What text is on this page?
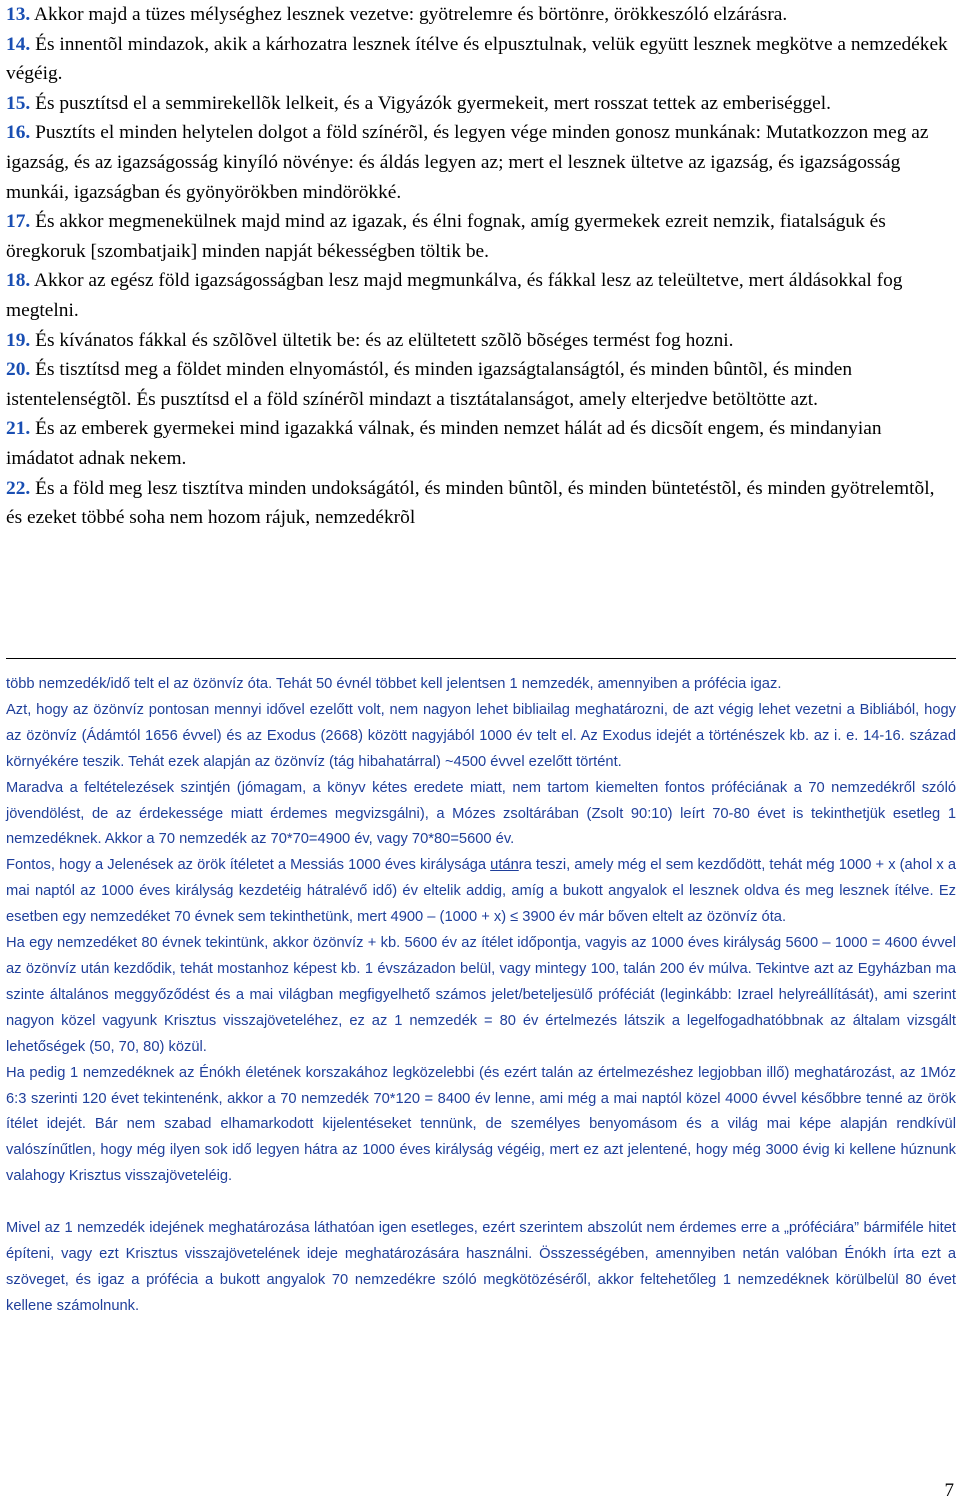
13. Akkor majd a tüzes mélységhez lesznek vezetve: gyötrelemre és börtönre, örökkeszóló elzárásra.

14. És innentõl mindazok, akik a kárhozatra lesznek ítélve és elpusztulnak, velük együtt lesznek megkötve a nemzedékek végéig.

15. És pusztítsd el a semmirekellõk lelkeit, és a Vigyázók gyermekeit, mert rosszat tettek az emberiséggel.

16. Pusztíts el minden helytelen dolgot a föld színérõl, és legyen vége minden gonosz munkának: Mutatkozzon meg az igazság, és az igazságosság kinyíló növénye: és áldás legyen az; mert el lesznek ültetve az igazság, és igazságosság munkái, igazságban és gyönyörökben mindörökké.

17. És akkor megmenekülnek majd mind az igazak, és élni fognak, amíg gyermekek ezreit nemzik, fiatalságuk és öregkoruk [szombatjaik] minden napját békességben töltik be.

18. Akkor az egész föld igazságosságban lesz majd megmunkálva, és fákkal lesz az teleültetve, mert áldásokkal fog megtelni.

19. És kívánatos fákkal és szõlõvel ültetik be: és az elültetett szõlõ bõséges termést fog hozni.

20. És tisztítsd meg a földet minden elnyomástól, és minden igazságtalanságtól, és minden bûntõl, és minden istentelenségtõl. És pusztítsd el a föld színérõl mindazt a tisztátalanságot, amely elterjedve betöltötte azt.

21. És az emberek gyermekei mind igazakká válnak, és minden nemzet hálát ad és dicsõít engem, és mindanyian imádatot adnak nekem.

22. És a föld meg lesz tisztítva minden undokságától, és minden bûntõl, és minden büntetéstõl, és minden gyötrelemtõl, és ezeket többé soha nem hozom rájuk, nemzedékrõl

több nemzedék/idő telt el az özönvíz óta. Tehát 50 évnél többet kell jelentsen 1 nemzedék, amennyiben a prófécia igaz.

Azt, hogy az özönvíz pontosan mennyi idővel ezelőtt volt, nem nagyon lehet bibliailag meghatározni, de azt végig lehet vezetni a Bibliából, hogy az özönvíz (Ádámtól 1656 évvel) és az Exodus (2668) között nagyjából 1000 év telt el. Az Exodus idejét a történészek kb. az i. e. 14-16. század környékére teszik. Tehát ezek alapján az özönvíz (tág hibahatárral) ~4500 évvel ezelőtt történt.

Maradva a feltételezések szintjén (jómagam, a könyv kétes eredete miatt, nem tartom kiemelten fontos próféciának a 70 nemzedékről szóló jövendölést, de az érdekessége miatt érdemes megvizsgálni), a Mózes zsoltárában (Zsolt 90:10) leírt 70-80 évet is tekinthetjük esetleg 1 nemzedéknek. Akkor a 70 nemzedék az 70*70=4900 év, vagy 70*80=5600 év.

Fontos, hogy a Jelenések az örök ítéletet a Messiás 1000 éves királysága utánra teszi, amely még el sem kezdődött, tehát még 1000 + x (ahol x a mai naptól az 1000 éves királyság kezdetéig hátralévő idő) év eltelik addig, amíg a bukott angyalok el lesznek oldva és meg lesznek ítélve. Ez esetben egy nemzedéket 70 évnek sem tekinthetünk, mert 4900 – (1000 + x) ≤ 3900 év már bőven eltelt az özönvíz óta.

Ha egy nemzedéket 80 évnek tekintünk, akkor özönvíz + kb. 5600 év az ítélet időpontja, vagyis az 1000 éves királyság 5600 – 1000 = 4600 évvel az özönvíz után kezdődik, tehát mostanhoz képest kb. 1 évszázadon belül, vagy mintegy 100, talán 200 év múlva. Tekintve azt az Egyházban ma szinte általános meggyőződést és a mai világban megfigyelhető számos jelet/beteljesülő próféciát (leginkább: Izrael helyreállítását), ami szerint nagyon közel vagyunk Krisztus visszajöveteléhez, ez az 1 nemzedék = 80 év értelmezés látszik a legelfogadhatóbbnak az általam vizsgált lehetőségek (50, 70, 80) közül.

Ha pedig 1 nemzedéknek az Énókh életének korszakához legközelebbi (és ezért talán az értelmezéshez legjobban illő) meghatározást, az 1Móz 6:3 szerinti 120 évet tekintenénk, akkor a 70 nemzedék 70*120 = 8400 év lenne, ami még a mai naptól közel 4000 évvel későbbre tenné az örök ítélet idejét. Bár nem szabad elhamarkodott kijelentéseket tennünk, de személyes benyomásom és a világ mai képe alapján rendkívül valószínűtlen, hogy még ilyen sok idő legyen hátra az 1000 éves királyság végéig, mert ez azt jelentené, hogy még 3000 évig ki kellene húznunk valahogy Krisztus visszajöveteléig.

Mivel az 1 nemzedék idejének meghatározása láthatóan igen esetleges, ezért szerintem abszolút nem érdemes erre a „próféciára” bármiféle hitet építeni, vagy ezt Krisztus visszajövetelének ideje meghatározására használni. Összességében, amennyiben netán valóban Énókh írta ezt a szöveget, és igaz a prófécia a bukott angyalok 70 nemzedékre szóló megkötözéséről, akkor feltehetőleg 1 nemzedéknek körülbelül 80 évet kellene számolnunk.

7
